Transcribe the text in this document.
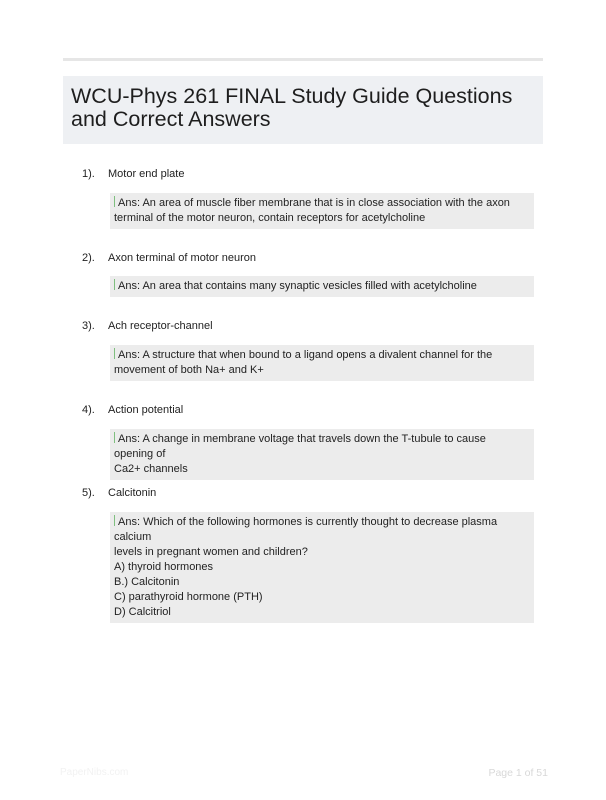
WCU-Phys 261 FINAL Study Guide Questions and Correct Answers
1). Motor end plate
Ans: An area of muscle fiber membrane that is in close association with the axon
terminal of the motor neuron, contain receptors for acetylcholine
2). Axon terminal of motor neuron
Ans: An area that contains many synaptic vesicles filled with acetylcholine
3). Ach receptor-channel
Ans: A structure that when bound to a ligand opens a divalent channel for the
movement of both Na+ and K+
4). Action potential
Ans: A change in membrane voltage that travels down the T-tubule to cause opening of
Ca2+ channels
5). Calcitonin
Ans: Which of the following hormones is currently thought to decrease plasma calcium
levels in pregnant women and children?
A) thyroid hormones
B.) Calcitonin
C) parathyroid hormone (PTH)
D) Calcitriol
PaperNibs.com	Page 1 of 51
